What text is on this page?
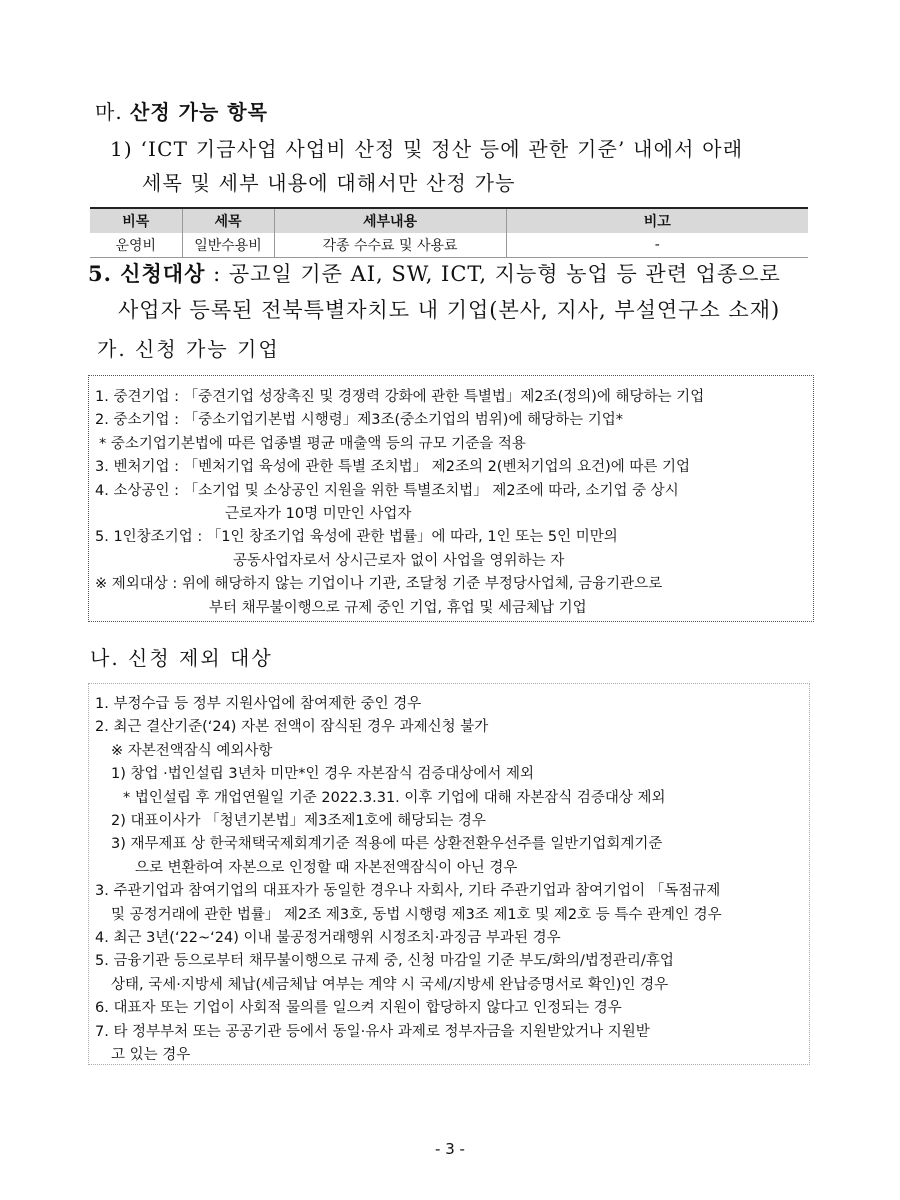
마. 산정 가능 항목
1) ‘ICT 기금사업 사업비 산정 및 정산 등에 관한 기준’ 내에서 아래
세목 및 세부 내용에 대해서만 산정 가능
비목	세목	세부내용	비고
운영비	일반수용비	각종 수수료 및 사용료	-
5. 신청대상 : 공고일 기준 AI, SW, ICT, 지능형 농업 등 관련 업종으로
사업자 등록된 전북특별자치도 내 기업(본사, 지사, 부설연구소 소재)
가. 신청 가능 기업

1. 중견기업 : 「중견기업 성장촉진 및 경쟁력 강화에 관한 특별법」제2조(정의)에 해당하는 기업

2. 중소기업 : 「중소기업기본법 시행령」제3조(중소기업의 범위)에 해당하는 기업*

* 중소기업기본법에 따른 업종별 평균 매출액 등의 규모 기준을 적용

3. 벤처기업 : 「벤처기업 육성에 관한 특별 조치법」 제2조의 2(벤처기업의 요건)에 따른 기업

4. 소상공인 : 「소기업 및 소상공인 지원을 위한 특별조치법」 제2조에 따라, 소기업 중 상시

근로자가 10명 미만인 사업자

5. 1인창조기업 : 「1인 창조기업 육성에 관한 법률」에 따라, 1인 또는 5인 미만의

공동사업자로서 상시근로자 없이 사업을 영위하는 자

※ 제외대상 : 위에 해당하지 않는 기업이나 기관, 조달청 기준 부정당사업체, 금융기관으로

부터 채무불이행으로 규제 중인 기업, 휴업 및 세금체납 기업

나. 신청 제외 대상

1. 부정수급 등 정부 지원사업에 참여제한 중인 경우

2. 최근 결산기준(‘24) 자본 전액이 잠식된 경우 과제신청 불가

※ 자본전액잠식 예외사항

1) 창업 ·법인설립 3년차 미만*인 경우 자본잠식 검증대상에서 제외

* 법인설립 후 개업연월일 기준 2022.3.31. 이후 기업에 대해 자본잠식 검증대상 제외

2) 대표이사가 「청년기본법」제3조제1호에 해당되는 경우

3) 재무제표 상 한국채택국제회계기준 적용에 따른 상환전환우선주를 일반기업회계기준

으로 변환하여 자본으로 인정할 때 자본전액잠식이 아닌 경우

3. 주관기업과 참여기업의 대표자가 동일한 경우나 자회사, 기타 주관기업과 참여기업이 「독점규제

및 공정거래에 관한 법률」 제2조 제3호, 동법 시행령 제3조 제1호 및 제2호 등 특수 관계인 경우

4. 최근 3년(‘22~‘24) 이내 불공정거래행위 시정조치·과징금 부과된 경우

5. 금융기관 등으로부터 채무불이행으로 규제 중, 신청 마감일 기준 부도/화의/법정관리/휴업

상태, 국세·지방세 체납(세금체납 여부는 계약 시 국세/지방세 완납증명서로 확인)인 경우

6. 대표자 또는 기업이 사회적 물의를 일으켜 지원이 합당하지 않다고 인정되는 경우

7. 타 정부부처 또는 공공기관 등에서 동일·유사 과제로 정부자금을 지원받았거나 지원받

고 있는 경우

- 3 -
